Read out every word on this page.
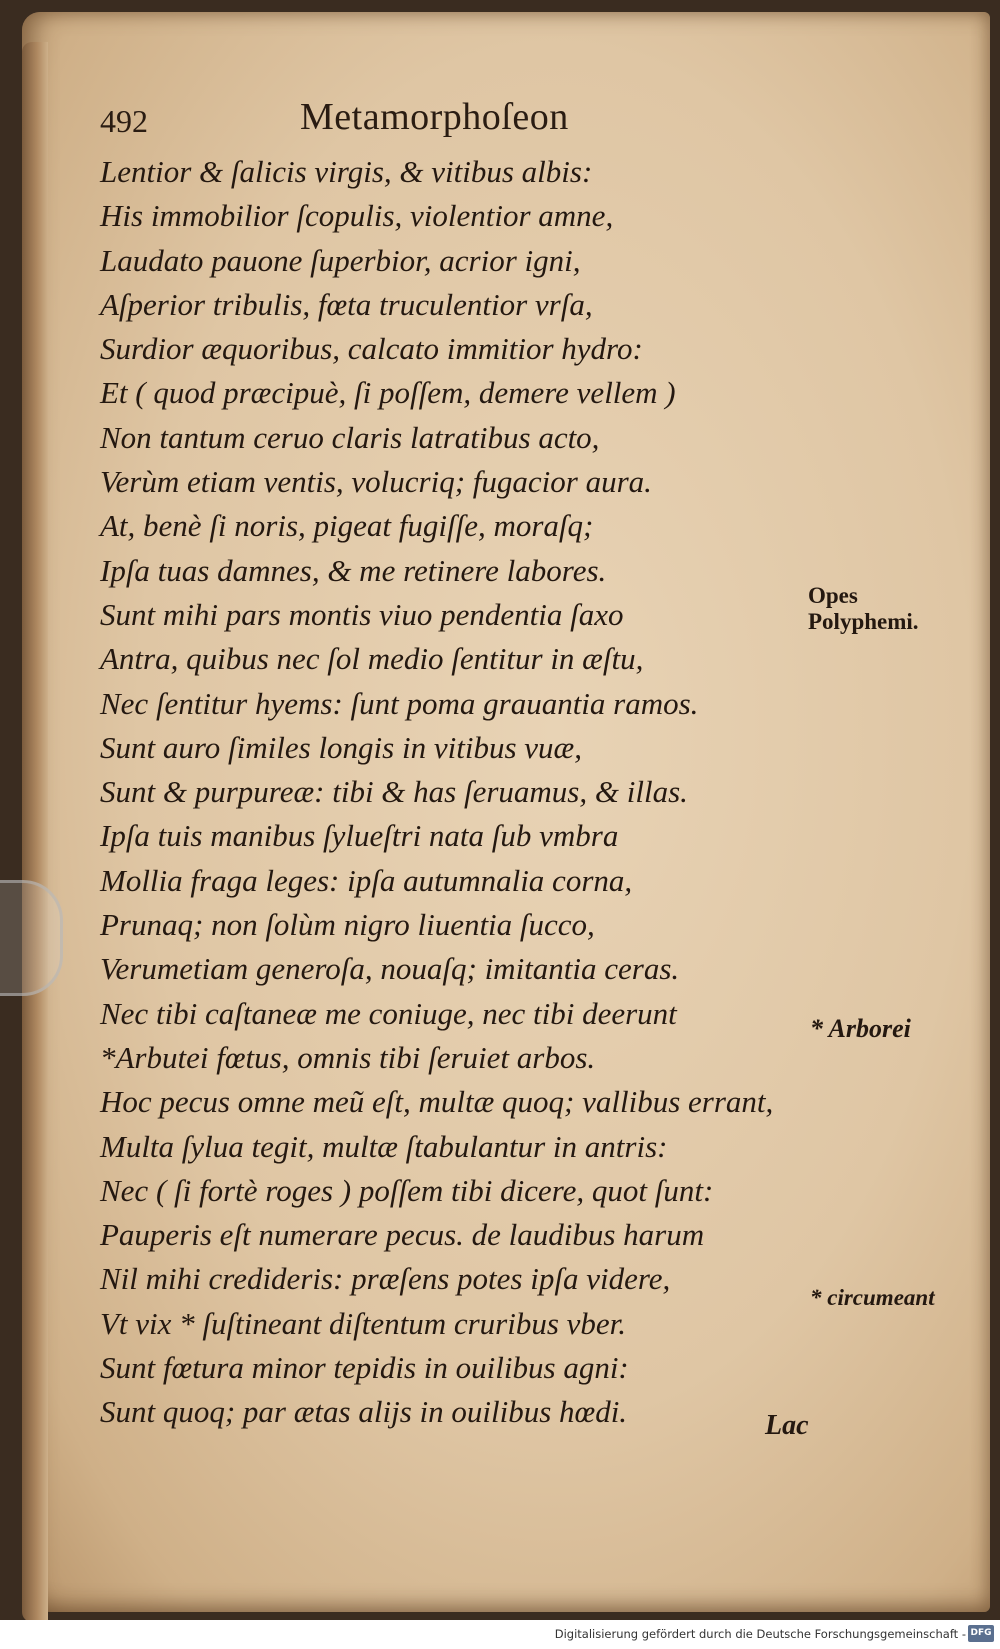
492	Metamorphoſeon
Lentior & ſalicis virgis, & vitibus albis:
His immobilior ſcopulis, violentior amne,
Laudato pauone ſuperbior, acrior igni,
Aſperior tribulis, fœta truculentior vrſa,
Surdior æquoribus, calcato immitior hydro:
Et ( quod præcipuè, ſi poſſem, demere vellem )
Non tantum ceruo claris latratibus acto,
Verùm etiam ventis, volucriq; fugacior aura.
At, benè ſi noris, pigeat fugiſſe, moraſq;
Ipſa tuas damnes, & me retinere labores.
Sunt mihi pars montis viuo pendentia ſaxo
Antra, quibus nec ſol medio ſentitur in æſtu,
Nec ſentitur hyems: ſunt poma grauantia ramos.
Sunt auro ſimiles longis in vitibus vuæ,
Sunt & purpureæ: tibi & has ſeruamus, & illas.
Ipſa tuis manibus ſylueſtri nata ſub vmbra
Mollia fraga leges: ipſa autumnalia corna,
Prunaq; non ſolùm nigro liuentia ſucco,
Verumetiam generoſa, nouaſq; imitantia ceras.
Nec tibi caſtaneæ me coniuge, nec tibi deerunt
*Arbutei fœtus, omnis tibi ſeruiet arbos.
Hoc pecus omne meũ eſt, multæ quoq; vallibus errant,
Multa ſylua tegit, multæ ſtabulantur in antris:
Nec ( ſi fortè roges ) poſſem tibi dicere, quot ſunt:
Pauperis eſt numerare pecus. de laudibus harum
Nil mihi credideris: præſens potes ipſa videre,
Vt vix * ſuſtineant diſtentum cruribus vber.
Sunt fœtura minor tepidis in ouilibus agni:
Sunt quoq; par ætas alijs in ouilibus hœdi.
Opes Polyphemi.
* Arborei
* circumeant
Lac
Digitalisierung gefördert durch die Deutsche Forschungsgemeinschaft - DFG
